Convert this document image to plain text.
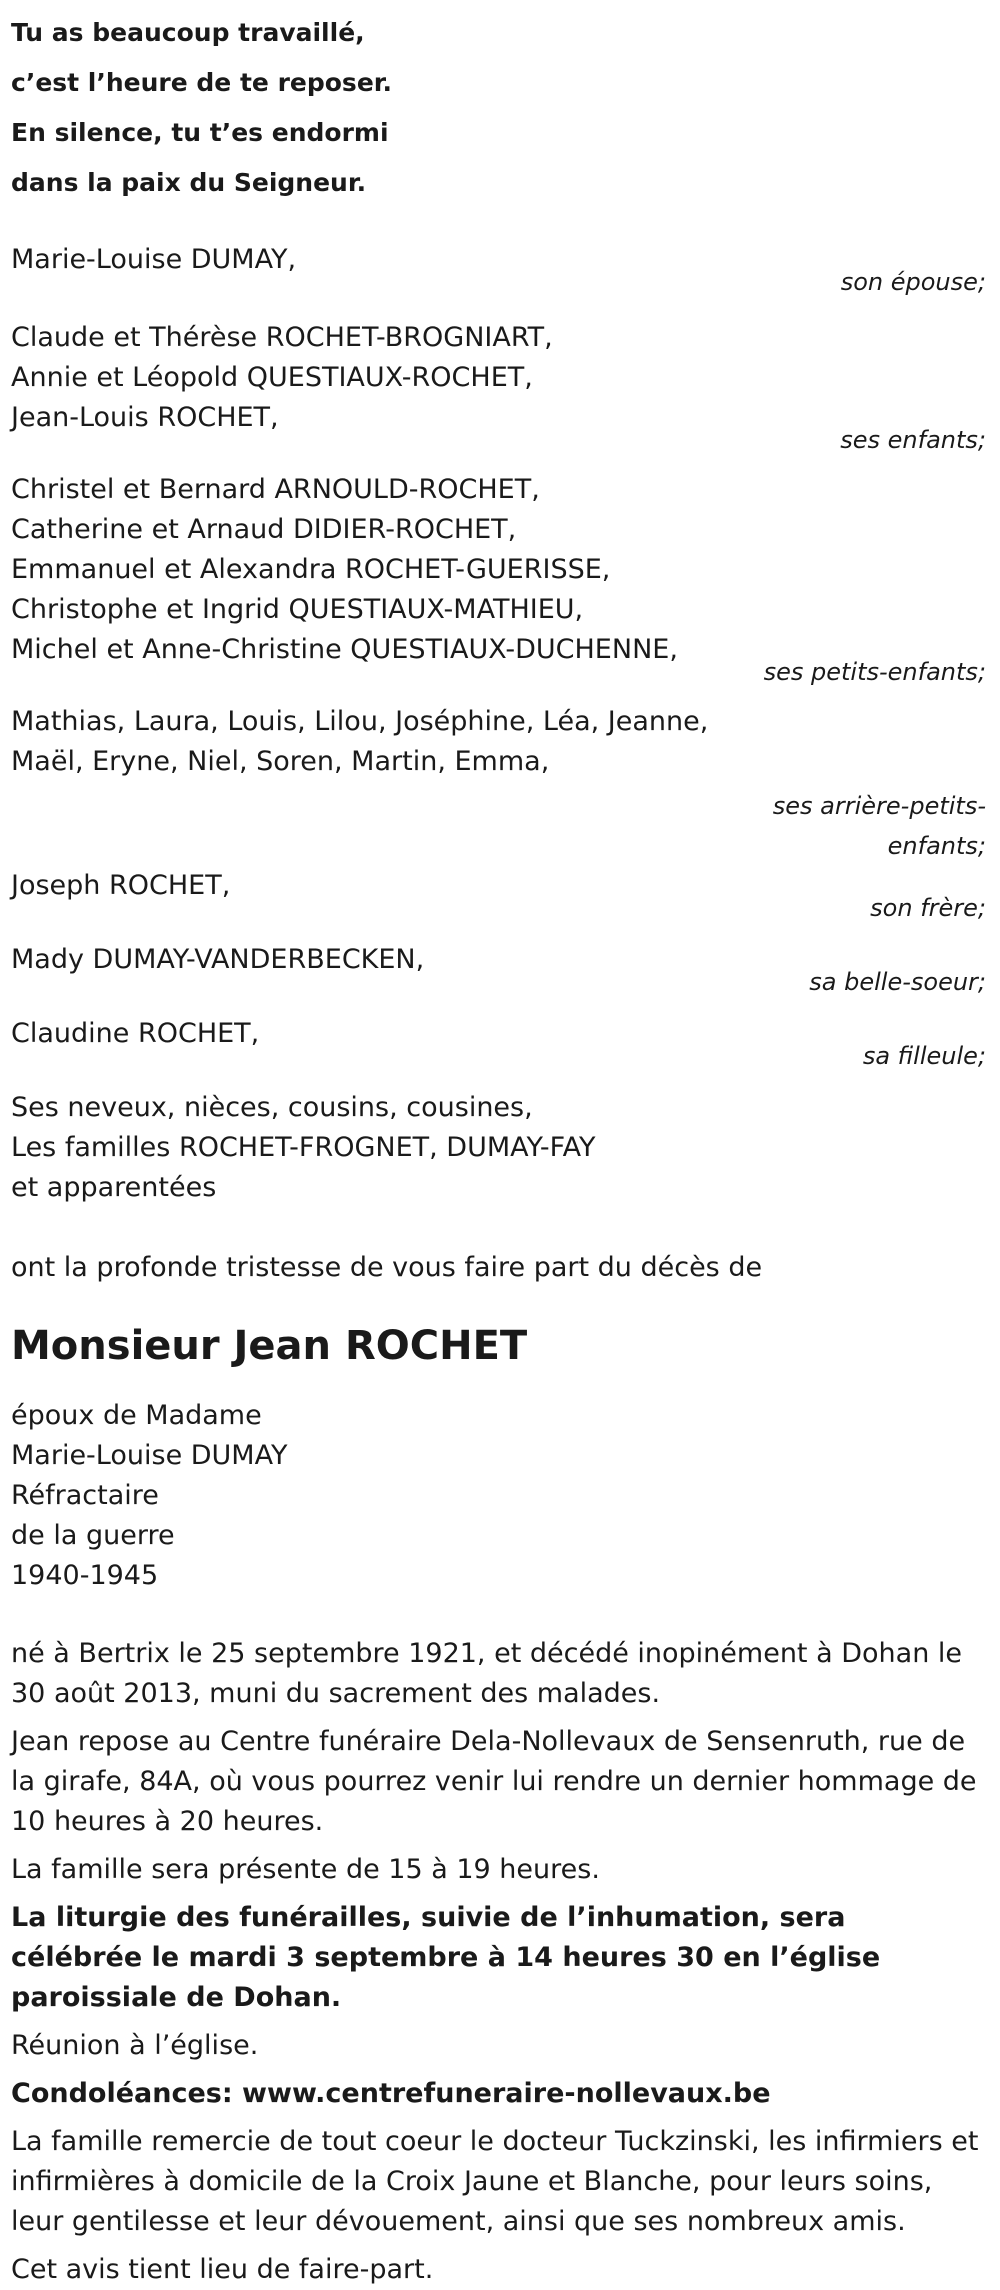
Tu as beaucoup travaillé,
c’est l’heure de te reposer.
En silence, tu t’es endormi
dans la paix du Seigneur.
Marie-Louise DUMAY,
son épouse;
Claude et Thérèse ROCHET-BROGNIART,
Annie et Léopold QUESTIAUX-ROCHET,
Jean-Louis ROCHET,
ses enfants;
Christel et Bernard ARNOULD-ROCHET,
Catherine et Arnaud DIDIER-ROCHET,
Emmanuel et Alexandra ROCHET-GUERISSE,
Christophe et Ingrid QUESTIAUX-MATHIEU,
Michel et Anne-Christine QUESTIAUX-DUCHENNE,
ses petits-enfants;
Mathias, Laura, Louis, Lilou, Joséphine, Léa, Jeanne,
Maël, Eryne, Niel, Soren, Martin, Emma,
ses arrière-petits-
enfants;
Joseph ROCHET,
son frère;
Mady DUMAY-VANDERBECKEN,
sa belle-soeur;
Claudine ROCHET,
sa filleule;
Ses neveux, nièces, cousins, cousines,
Les familles ROCHET-FROGNET, DUMAY-FAY
et apparentées
ont la profonde tristesse de vous faire part du décès de
Monsieur Jean ROCHET
époux de Madame
Marie-Louise DUMAY
Réfractaire
de la guerre
1940-1945

né à Bertrix le 25 septembre 1921, et décédé inopinément à Dohan le 30 août 2013, muni du sacrement des malades.

Jean repose au Centre funéraire Dela-Nollevaux de Sensenruth, rue de la girafe, 84A, où vous pourrez venir lui rendre un dernier hommage de 10 heures à 20 heures.

La famille sera présente de 15 à 19 heures.

La liturgie des funérailles, suivie de l’inhumation, sera célébrée le mardi 3 septembre à 14 heures 30 en l’église paroissiale de Dohan.

Réunion à l’église.

Condoléances: www.centrefuneraire-nollevaux.be

La famille remercie de tout coeur le docteur Tuckzinski, les infirmiers et infirmières à domicile de la Croix Jaune et Blanche, pour leurs soins, leur gentilesse et leur dévouement, ainsi que ses nombreux amis.

Cet avis tient lieu de faire-part.
